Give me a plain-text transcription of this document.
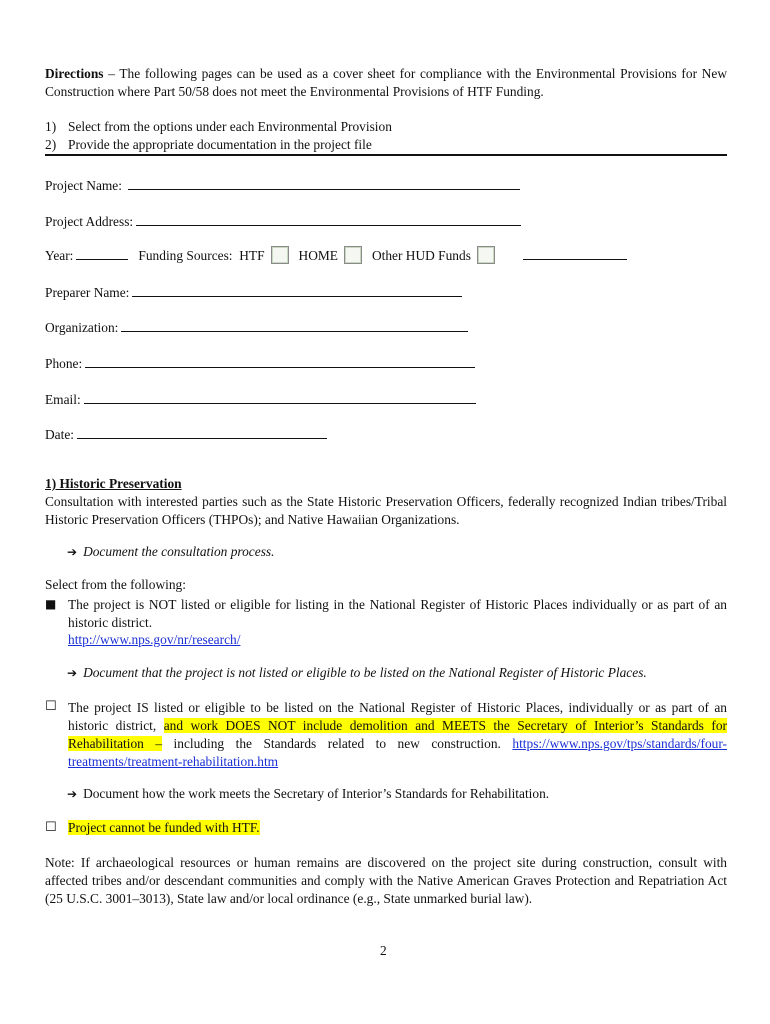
Directions – The following pages can be used as a cover sheet for compliance with the Environmental Provisions for New Construction where Part 50/58 does not meet the Environmental Provisions of HTF Funding.
1) Select from the options under each Environmental Provision
2) Provide the appropriate documentation in the project file
Project Name:
Project Address:
Year:	Funding Sources: HTF	HOME	Other HUD Funds
Preparer Name:
Organization:
Phone:
Email:
Date:
1) Historic Preservation
Consultation with interested parties such as the State Historic Preservation Officers, federally recognized Indian tribes/Tribal Historic Preservation Officers (THPOs); and Native Hawaiian Organizations.
➔ Document the consultation process.
Select from the following:
■ The project is NOT listed or eligible for listing in the National Register of Historic Places individually or as part of an historic district.
http://www.nps.gov/nr/research/
➔ Document that the project is not listed or eligible to be listed on the National Register of Historic Places.
☐ The project IS listed or eligible to be listed on the National Register of Historic Places, individually or as part of an historic district, and work DOES NOT include demolition and MEETS the Secretary of Interior’s Standards for Rehabilitation – including the Standards related to new construction. https://www.nps.gov/tps/standards/four-treatments/treatment-rehabilitation.htm
➔ Document how the work meets the Secretary of Interior’s Standards for Rehabilitation.
☐ Project cannot be funded with HTF.
Note: If archaeological resources or human remains are discovered on the project site during construction, consult with affected tribes and/or descendant communities and comply with the Native American Graves Protection and Repatriation Act (25 U.S.C. 3001–3013), State law and/or local ordinance (e.g., State unmarked burial law).
2
